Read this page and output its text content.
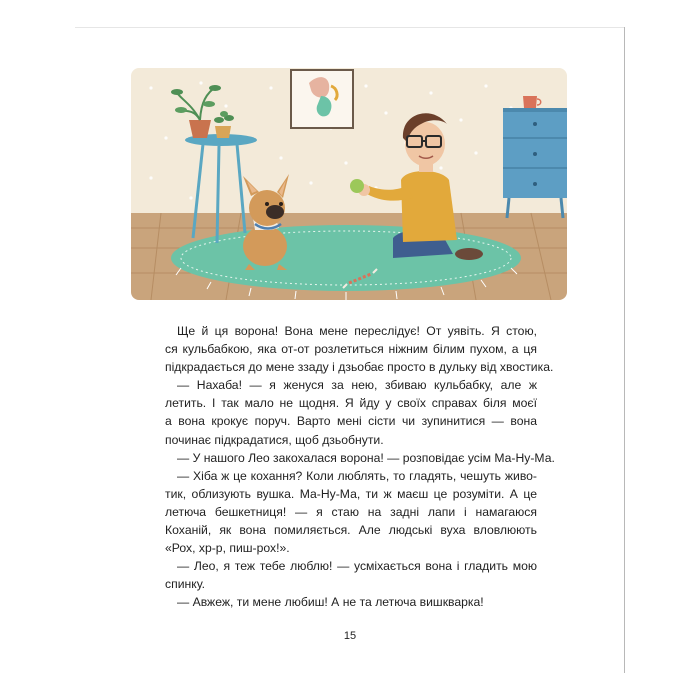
Ще й ця ворона! Вона мене переслідує! От уявіть. Я стою,
ся кульбабкою, яка от-от розлетиться ніжним білим пухом, а ця
підкрадається до мене ззаду і дзьобає просто в дульку від хвостика.
— Нахаба! — я женуся за нею, збиваю кульбабку, але ж
летить. І так мало не щодня. Я йду у своїх справах біля моєї
а вона крокує поруч. Варто мені сісти чи зупинитися — вона
починає підкрадатися, щоб дзьобнути.
— У нашого Лео закохалася ворона! — розповідає усім Ма-Ну-Ма.
— Хіба ж це кохання? Коли люблять, то гладять, чешуть живо-
тик, облизують вушка. Ма-Ну-Ма, ти ж маєш це розуміти. А це
летюча бешкетниця! — я стаю на задні лапи і намагаюся
Кохaній, як вона помиляється. Але людські вуха вловлюють
«Рох, хр-р, пиш-рох!».
— Лео, я теж тебе люблю! — усміхається вона і гладить мою
спинку.
— Авжеж, ти мене любиш! А не та летюча вишкварка!
15
